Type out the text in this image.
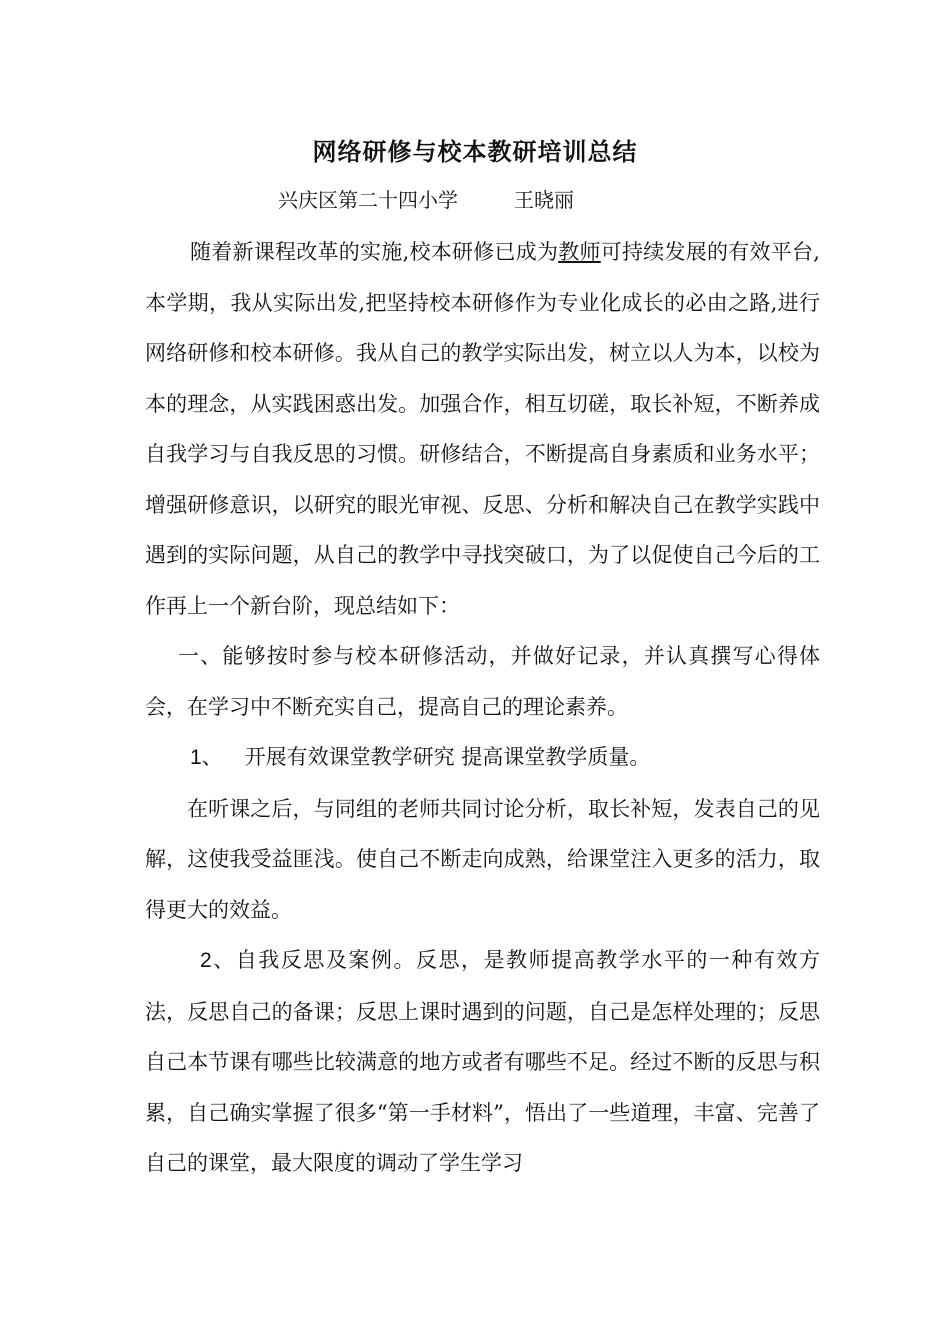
网络研修与校本教研培训总结
兴庆区第二十四小学	王晓丽

随着新课程改革的实施,校本研修已成为教师可持续发展的有效平台,本学期，我从实际出发,把坚持校本研修作为专业化成长的必由之路,进行网络研修和校本研修。我从自己的教学实际出发，树立以人为本，以校为本的理念，从实践困惑出发。加强合作，相互切磋，取长补短，不断养成自我学习与自我反思的习惯。研修结合，不断提高自身素质和业务水平；增强研修意识，以研究的眼光审视、反思、分析和解决自己在教学实践中遇到的实际问题，从自己的教学中寻找突破口，为了以促使自己今后的工作再上一个新台阶，现总结如下：

一、能够按时参与校本研修活动，并做好记录，并认真撰写心得体会，在学习中不断充实自己，提高自己的理论素养。

1、 开展有效课堂教学研究 提高课堂教学质量。

在听课之后，与同组的老师共同讨论分析，取长补短，发表自己的见解，这使我受益匪浅。使自己不断走向成熟，给课堂注入更多的活力，取得更大的效益。

2、自我反思及案例。反思，是教师提高教学水平的一种有效方法，反思自己的备课；反思上课时遇到的问题，自己是怎样处理的；反思自己本节课有哪些比较满意的地方或者有哪些不足。经过不断的反思与积累，自己确实掌握了很多“第一手材料”，悟出了一些道理，丰富、完善了自己的课堂，最大限度的调动了学生学习
